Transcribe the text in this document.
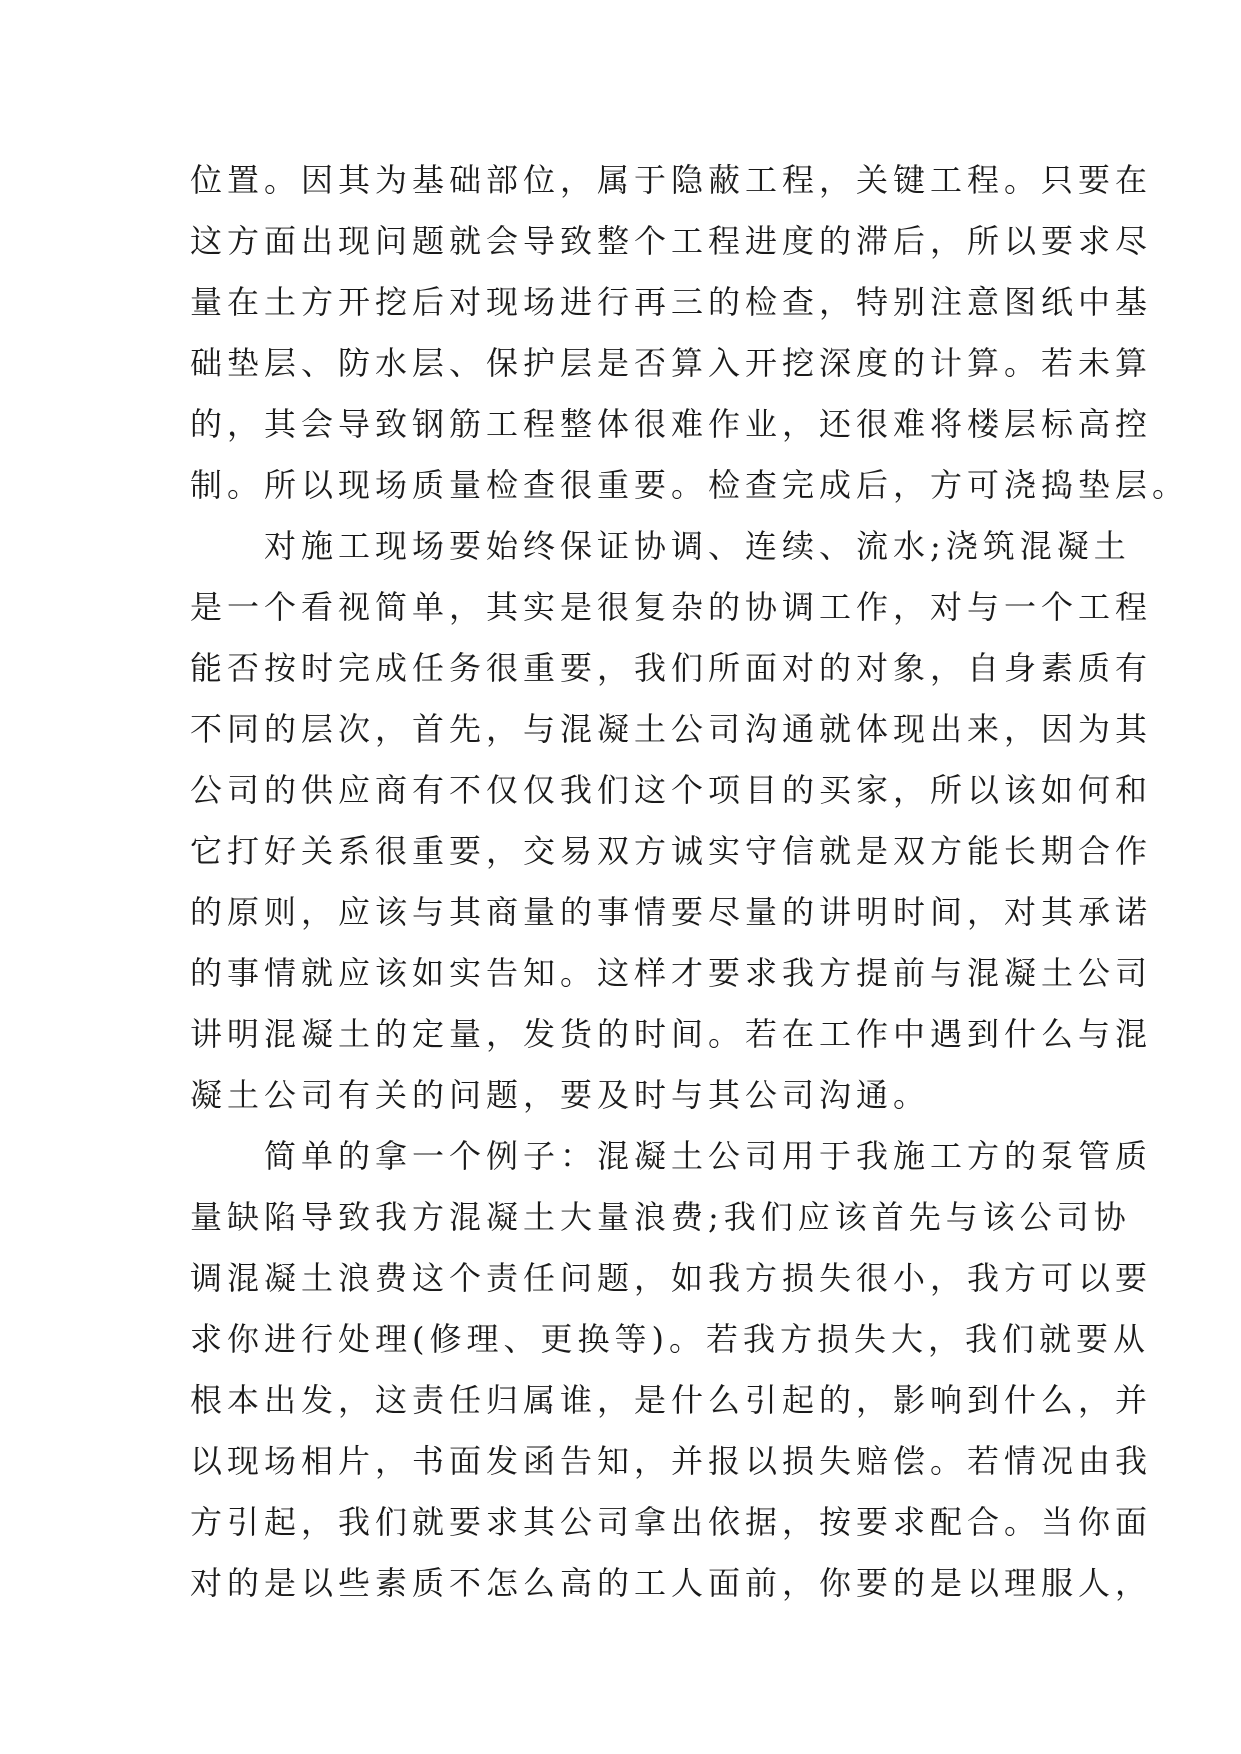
位置。因其为基础部位，属于隐蔽工程，关键工程。只要在
这方面出现问题就会导致整个工程进度的滞后，所以要求尽
量在土方开挖后对现场进行再三的检查，特别注意图纸中基
础垫层、防水层、保护层是否算入开挖深度的计算。若未算
的，其会导致钢筋工程整体很难作业，还很难将楼层标高控
制。所以现场质量检查很重要。检查完成后，方可浇捣垫层。
对施工现场要始终保证协调、连续、流水;浇筑混凝土
是一个看视简单，其实是很复杂的协调工作，对与一个工程
能否按时完成任务很重要，我们所面对的对象，自身素质有
不同的层次，首先，与混凝土公司沟通就体现出来，因为其
公司的供应商有不仅仅我们这个项目的买家，所以该如何和
它打好关系很重要，交易双方诚实守信就是双方能长期合作
的原则，应该与其商量的事情要尽量的讲明时间，对其承诺
的事情就应该如实告知。这样才要求我方提前与混凝土公司
讲明混凝土的定量，发货的时间。若在工作中遇到什么与混
凝土公司有关的问题，要及时与其公司沟通。
简单的拿一个例子：混凝土公司用于我施工方的泵管质
量缺陷导致我方混凝土大量浪费;我们应该首先与该公司协
调混凝土浪费这个责任问题，如我方损失很小，我方可以要
求你进行处理(修理、更换等)。若我方损失大，我们就要从
根本出发，这责任归属谁，是什么引起的，影响到什么，并
以现场相片，书面发函告知，并报以损失赔偿。若情况由我
方引起，我们就要求其公司拿出依据，按要求配合。当你面
对的是以些素质不怎么高的工人面前，你要的是以理服人，
